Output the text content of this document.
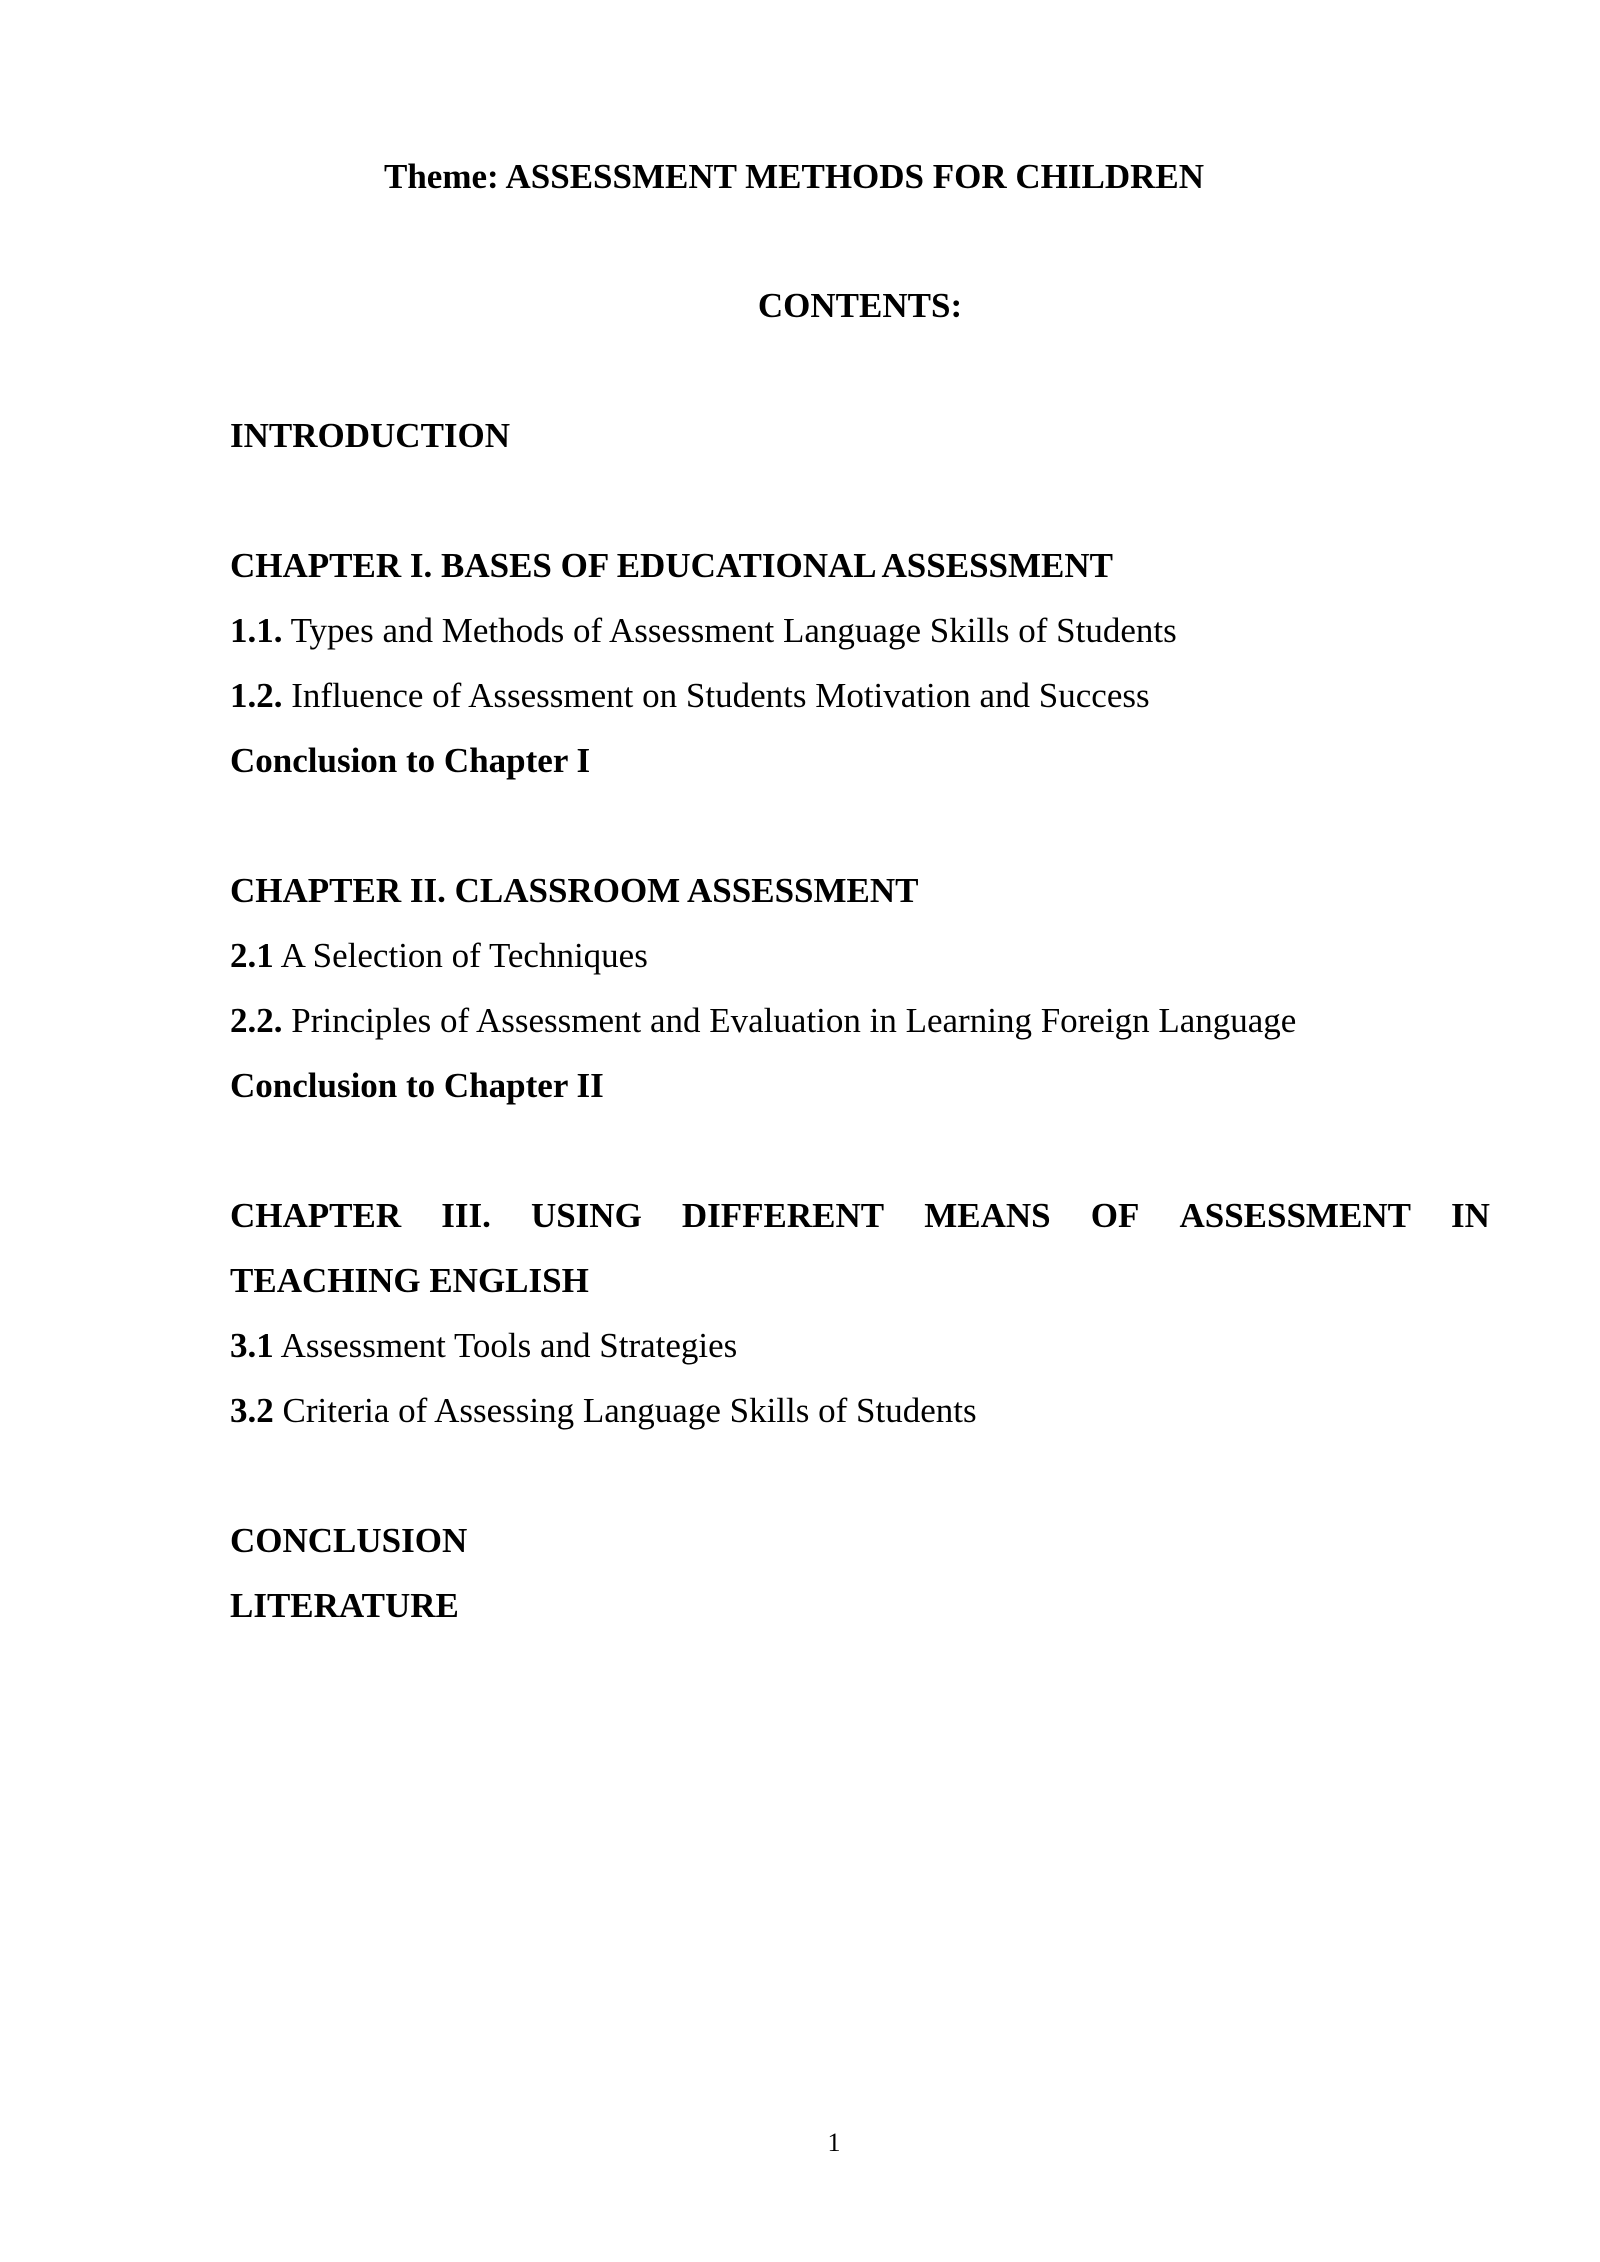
Theme: ASSESSMENT METHODS FOR CHILDREN
CONTENTS:
INTRODUCTION
CHAPTER I. BASES OF EDUCATIONAL ASSESSMENT
1.1. Types and Methods of Assessment Language Skills of Students
1.2. Influence of Assessment on Students Motivation and Success
Conclusion to Chapter I
CHAPTER II. CLASSROOM ASSESSMENT
2.1 A Selection of Techniques
2.2. Principles of Assessment and Evaluation in Learning Foreign Language
Conclusion to Chapter II
CHAPTER III. USING DIFFERENT MEANS OF ASSESSMENT IN
TEACHING ENGLISH
3.1 Assessment Tools and Strategies
3.2 Criteria of Assessing Language Skills of Students
CONCLUSION
LITERATURE
1
